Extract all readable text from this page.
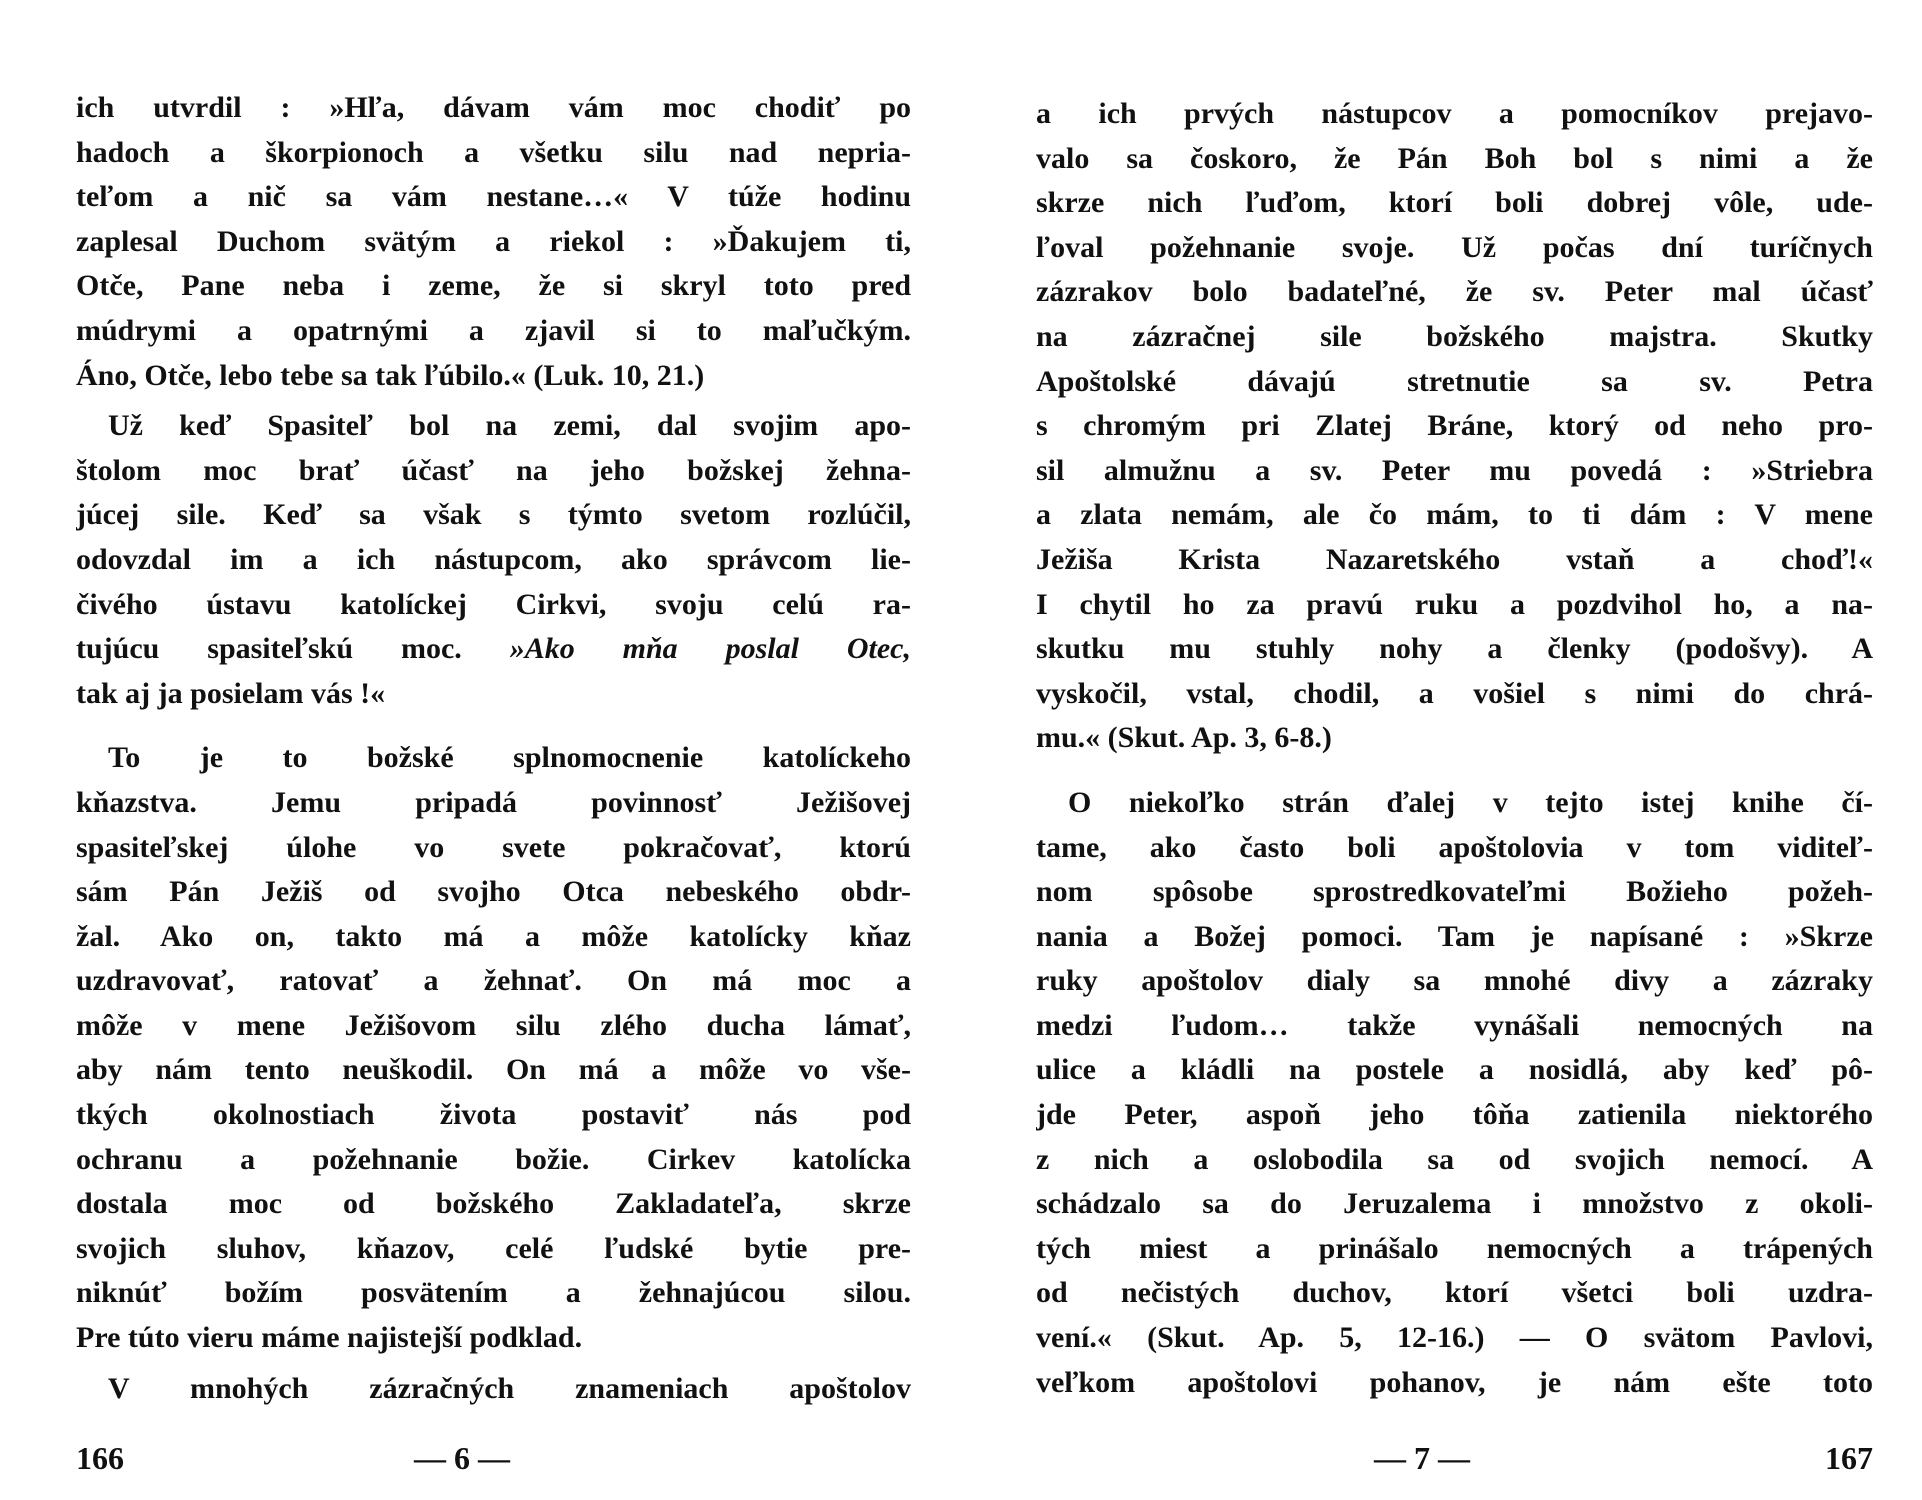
ich utvrdil : »Hľa, dávam vám moc chodiť po
hadoch a škorpionoch a všetku silu nad nepria-
teľom a nič sa vám nestane…« V túže hodinu
zaplesal Duchom svätým a riekol : »Ďakujem ti,
Otče, Pane neba i zeme, že si skryl toto pred
múdrymi a opatrnými a zjavil si to maľučkým.
Áno, Otče, lebo tebe sa tak ľúbilo.« (Luk. 10, 21.)
Už keď Spasiteľ bol na zemi, dal svojim apo-
štolom moc brať účasť na jeho božskej žehna-
júcej sile. Keď sa však s týmto svetom rozlúčil,
odovzdal im a ich nástupcom, ako správcom lie-
čivého ústavu katolíckej Cirkvi, svoju celú ra-
tujúcu spasiteľskú moc. »Ako mňa poslal Otec,
tak aj ja posielam vás !«
To je to božské splnomocnenie katolíckeho
kňazstva. Jemu pripadá povinnosť Ježišovej
spasiteľskej úlohe vo svete pokračovať, ktorú
sám Pán Ježiš od svojho Otca nebeského obdr-
žal. Ako on, takto má a môže katolícky kňaz
uzdravovať, ratovať a žehnať. On má moc a
môže v mene Ježišovom silu zlého ducha lámať,
aby nám tento neuškodil. On má a môže vo vše-
tkých okolnostiach života postaviť nás pod
ochranu a požehnanie božie. Cirkev katolícka
dostala moc od božského Zakladateľa, skrze
svojich sluhov, kňazov, celé ľudské bytie pre-
niknúť božím posvätením a žehnajúcou silou.
Pre túto vieru máme najistejší podklad.
V mnohých zázračných znameniach apoštolov
166	— 6 —
a ich prvých nástupcov a pomocníkov prejavo-
valo sa čoskoro, že Pán Boh bol s nimi a že
skrze nich ľuďom, ktorí boli dobrej vôle, ude-
ľoval požehnanie svoje. Už počas dní turíčnych
zázrakov bolo badateľné, že sv. Peter mal účasť
na zázračnej sile božského majstra. Skutky
Apoštolské dávajú stretnutie sa sv. Petra
s chromým pri Zlatej Bráne, ktorý od neho pro-
sil almužnu a sv. Peter mu povedá : »Striebra
a zlata nemám, ale čo mám, to ti dám : V mene
Ježiša Krista Nazaretského vstaň a choď!«
I chytil ho za pravú ruku a pozdvihol ho, a na-
skutku mu stuhly nohy a členky (podošvy). A
vyskočil, vstal, chodil, a vošiel s nimi do chrá-
mu.« (Skut. Ap. 3, 6-8.)
O niekoľko strán ďalej v tejto istej knihe čí-
tame, ako často boli apoštolovia v tom viditeľ-
nom spôsobe sprostredkovateľmi Božieho požeh-
nania a Božej pomoci. Tam je napísané : »Skrze
ruky apoštolov dialy sa mnohé divy a zázraky
medzi ľudom… takže vynášali nemocných na
ulice a kládli na postele a nosidlá, aby keď pô-
jde Peter, aspoň jeho tôňa zatienila niektorého
z nich a oslobodila sa od svojich nemocí. A
schádzalo sa do Jeruzalema i množstvo z okoli-
tých miest a prinášalo nemocných a trápených
od nečistých duchov, ktorí všetci boli uzdra-
vení.« (Skut. Ap. 5, 12-16.) — O svätom Pavlovi,
veľkom apoštolovi pohanov, je nám ešte toto
— 7 —	167
